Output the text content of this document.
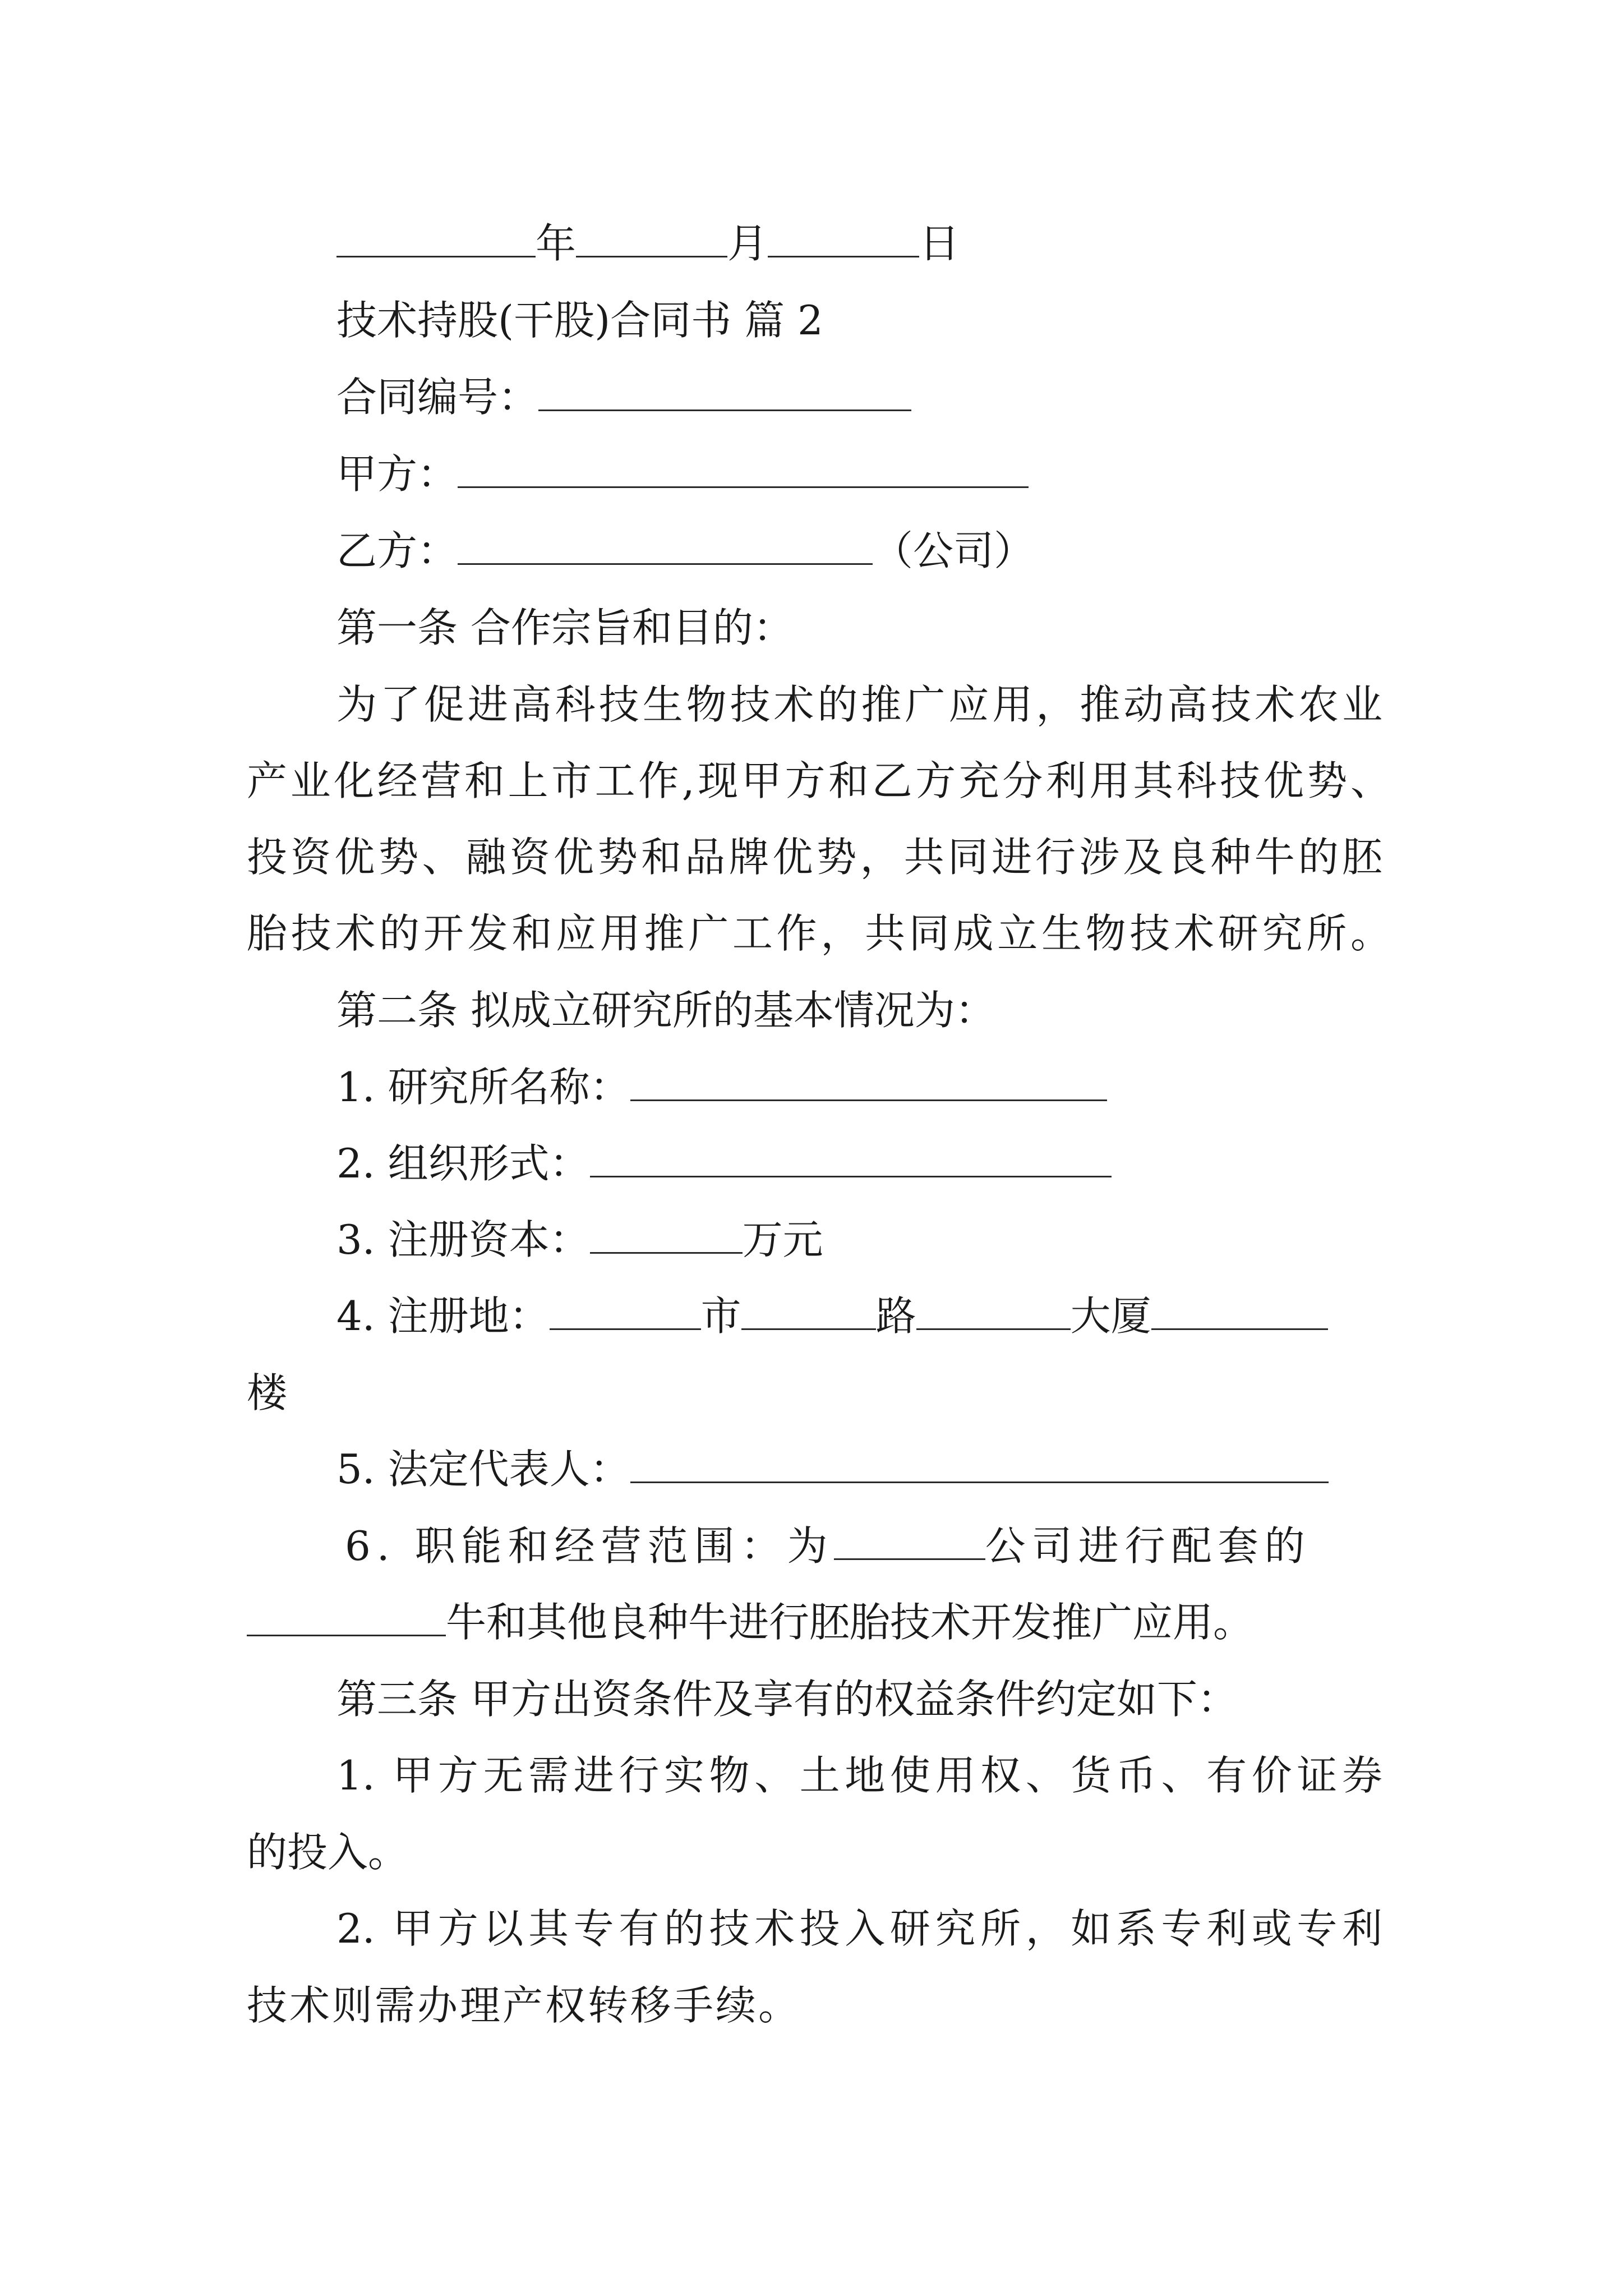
年	月	日
技术持股(干股)合同书 篇 2
合同编号：
甲方：
乙方：	（公司）
第一条 合作宗旨和目的：
为了促进高科技生物技术的推广应用，推动高技术农业
产业化经营和上市工作,现甲方和乙方充分利用其科技优势、
投资优势、融资优势和品牌优势，共同进行涉及良种牛的胚
胎技术的开发和应用推广工作，共同成立生物技术研究所。
第二条 拟成立研究所的基本情况为：
1. 研究所名称：
2. 组织形式：
3. 注册资本：	万元
4. 注册地：	市	路	大厦
楼
5. 法定代表人：
6. 职能和经营范围：为	公司进行配套的
牛和其他良种牛进行胚胎技术开发推广应用。
第三条 甲方出资条件及享有的权益条件约定如下：
1. 甲方无需进行实物、土地使用权、货币、有价证券
的投入。
2. 甲方以其专有的技术投入研究所，如系专利或专利
技术则需办理产权转移手续。
